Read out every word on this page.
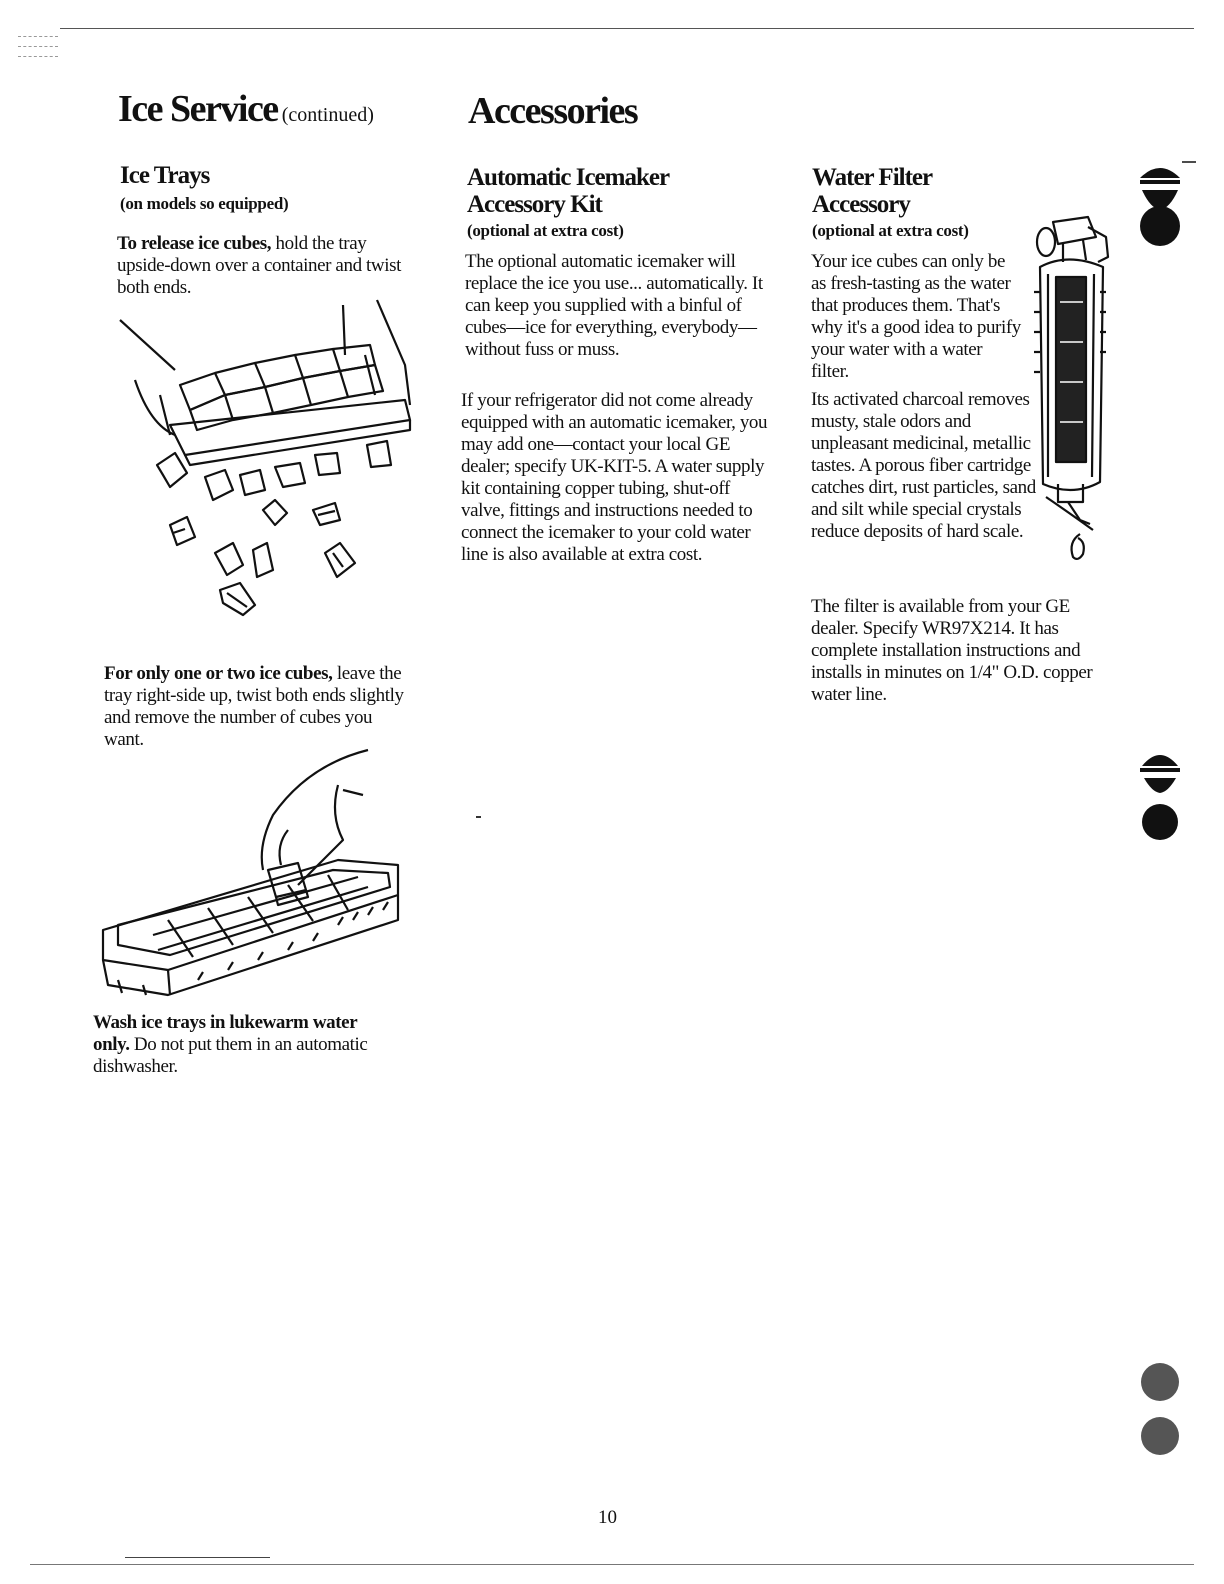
Ice Service (continued)
Ice Trays

(on models so equipped)

To release ice cubes, hold the tray upside-down over a container and twist both ends.

For only one or two ice cubes, leave the tray right-side up, twist both ends slightly and remove the number of cubes you want.

Wash ice trays in lukewarm water only. Do not put them in an automatic dishwasher.

Accessories
Automatic Icemaker
Accessory Kit

(optional at extra cost)

The optional automatic icemaker will replace the ice you use... automatically. It can keep you supplied with a binful of cubes—ice for everything, everybody—without fuss or muss.

If your refrigerator did not come already equipped with an automatic icemaker, you may add one—contact your local GE dealer; specify UK-KIT-5. A water supply kit containing copper tubing, shut-off valve, fittings and instructions needed to connect the icemaker to your cold water line is also available at extra cost.

Water Filter
Accessory

(optional at extra cost)

Your ice cubes can only be as fresh-tasting as the water that produces them. That's why it's a good idea to purify your water with a water filter.

Its activated charcoal removes musty, stale odors and unpleasant medicinal, metallic tastes. A porous fiber cartridge catches dirt, rust particles, sand and silt while special crystals reduce deposits of hard scale.

The filter is available from your GE dealer. Specify WR97X214. It has complete installation instructions and installs in minutes on 1/4" O.D. copper water line.

10
